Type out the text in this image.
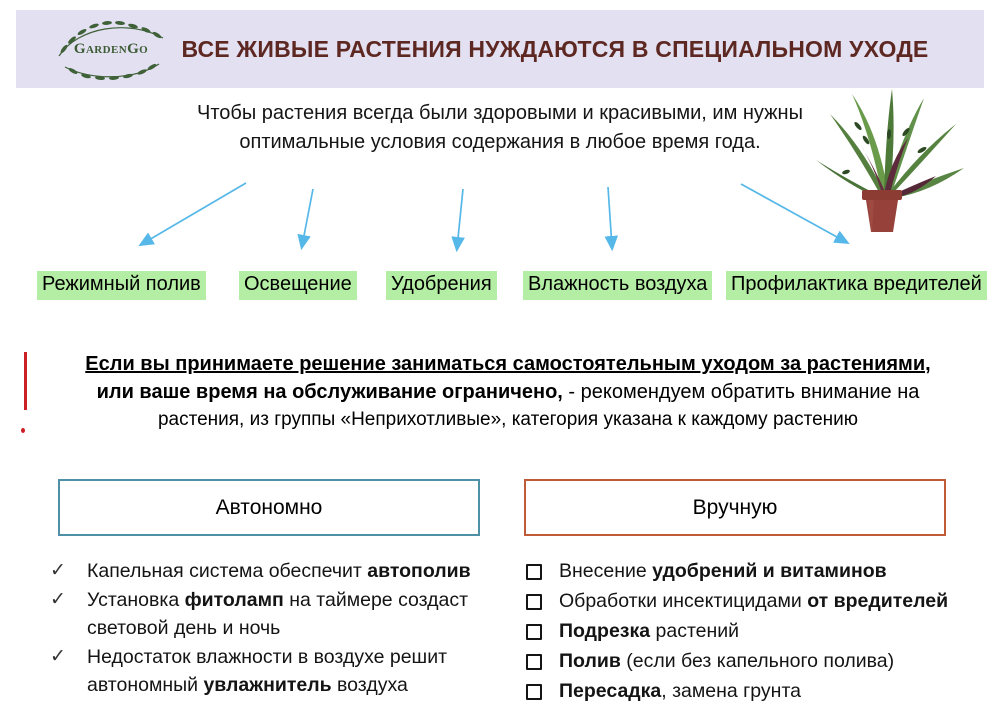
GardenGo	ВСЕ ЖИВЫЕ РАСТЕНИЯ НУЖДАЮТСЯ В СПЕЦИАЛЬНОМ УХОДЕ
Чтобы растения всегда были здоровыми и красивыми, им нужны
оптимальные условия содержания в любое время года.
Режимный полив Освещение Удобрения Влажность воздуха Профилактика вредителей
Если вы принимаете решение заниматься самостоятельным уходом за растениями,
или ваше время на обслуживание ограничено, - рекомендуем обратить внимание на
растения, из группы «Неприхотливые», категория указана к каждому растению
Автономно	Вручную
✓	Капельная система обеспечит автополив
✓	Установка фитоламп на таймере создаст световой день и ночь
✓	Недостаток влажности в воздухе решит автономный увлажнитель воздуха
Внесение удобрений и витаминов
Обработки инсектицидами от вредителей
Подрезка растений
Полив (если без капельного полива)
Пересадка, замена грунта
